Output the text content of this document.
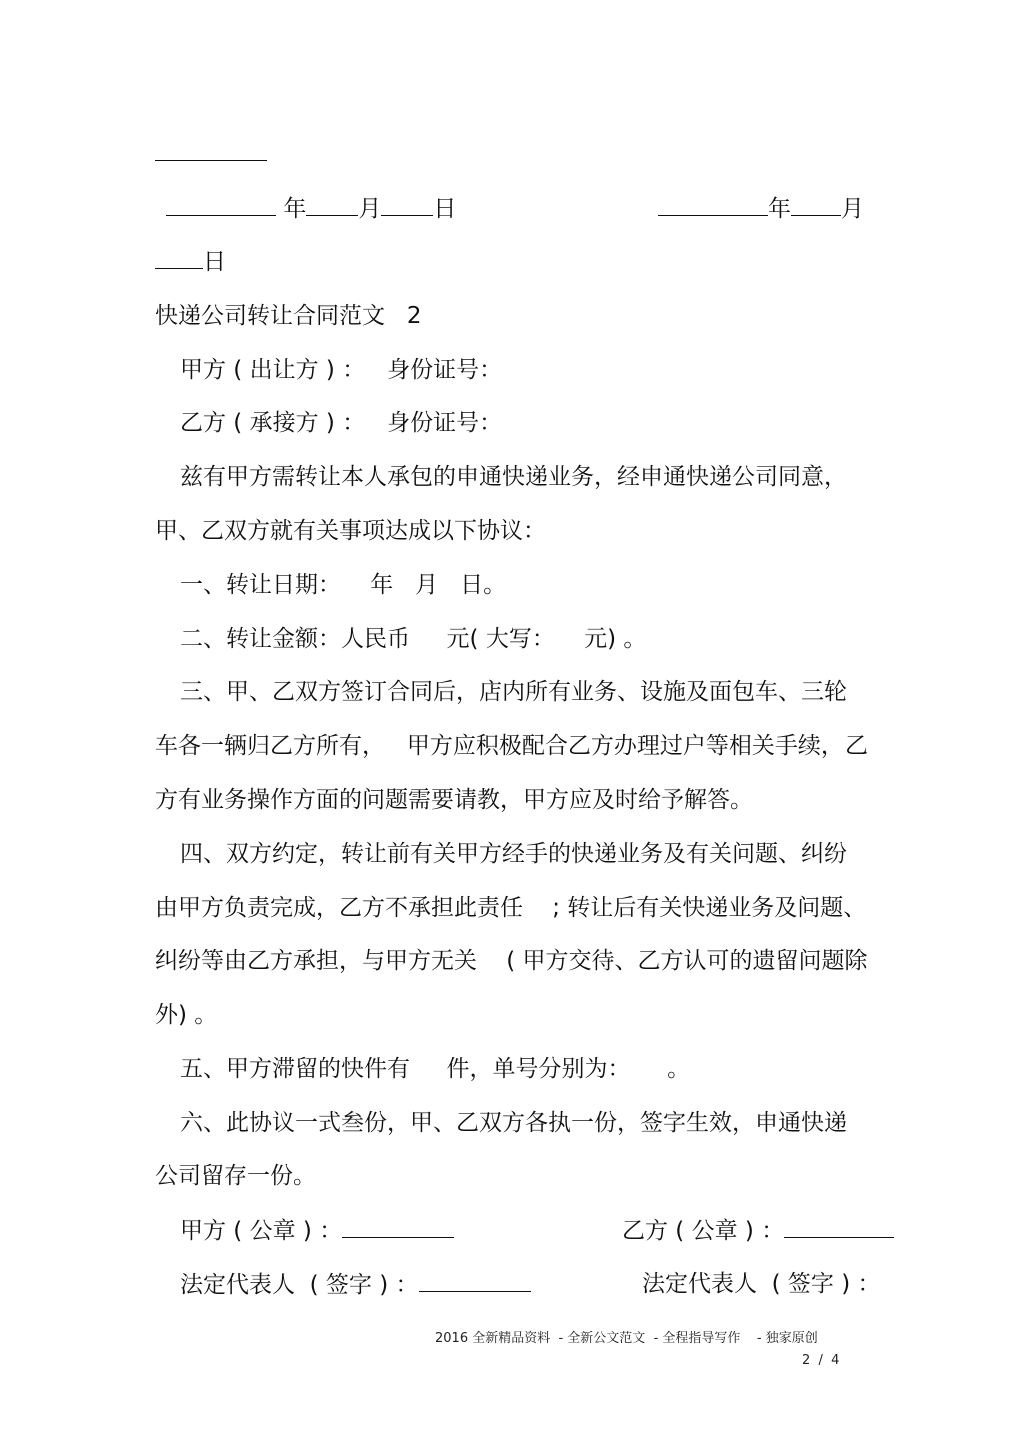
年 月 日	年 月
日
快递公司转让合同范文   2
甲方 ( 出让方 ) ：   身份证号：
乙方 ( 承接方 ) ：   身份证号：
兹有甲方需转让本人承包的申通快递业务，经申通快递公司同意，
甲、乙双方就有关事项达成以下协议：
一、转让日期：    年   月   日。
二、转让金额：人民币     元( 大写：    元) 。
三、甲、乙双方签订合同后，店内所有业务、设施及面包车、三轮
车各一辆归乙方所有，   甲方应积极配合乙方办理过户等相关手续， 乙
方有业务操作方面的问题需要请教，甲方应及时给予解答。
四、双方约定，转让前有关甲方经手的快递业务及有关问题、纠纷
由甲方负责完成，乙方不承担此责任    ; 转让后有关快递业务及问题、
纠纷等由乙方承担，与甲方无关    ( 甲方交待、乙方认可的遗留问题除
外) 。
五、甲方滞留的快件有     件，单号分别为：     。
六、此协议一式叁份，甲、乙双方各执一份，签字生效，申通快递
公司留存一份。
甲方 ( 公章 ) ：	乙方 ( 公章 ) ：
法定代表人  ( 签字 ) ：	法定代表人  ( 签字 ) ：
2016 全新精品资料  - 全新公文范文  - 全程指导写作    - 独家原创
2  /  4
